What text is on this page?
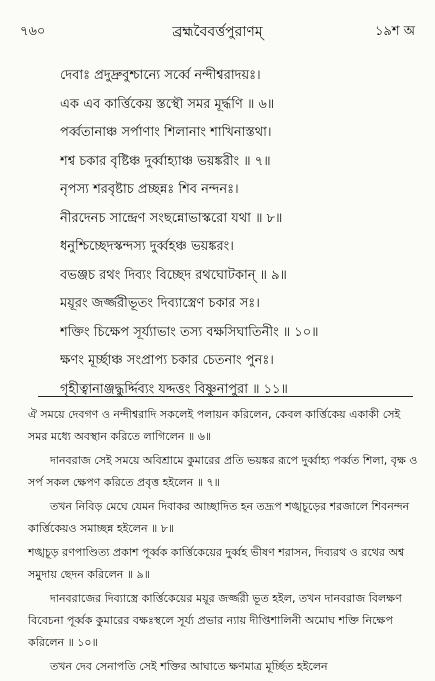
৭৬০	ব্রহ্মবৈবর্ত্তপুরাণম্	১৯শ অ
দেবাঃ প্রদুদ্রুবুশ্চান্যে সর্ব্বে নন্দীশ্বরাদয়ঃ।
এক এব কার্ত্তিকেয় স্তস্থৌ সমর মূর্দ্ধণি ॥ ৬॥
পর্ব্বতানাঞ্চ সর্পাণাং শিলানাং শাখিনাস্তথা।
শশ্ব চকার বৃষ্টিঞ্চ দুর্ব্বাহ্যাঞ্চ ভয়ঙ্করীং ॥ ৭॥
নৃপস্য শরবৃষ্টাচ প্রচ্ছন্নঃ শিব নন্দনঃ।
নীরদেনচ সান্দ্রেণ সংছন্নোভাস্করো যথা ॥ ৮॥
ধনুশ্চিচ্ছেদস্কন্দস্য দুর্ব্বহঞ্চ ভয়ঙ্করং।
বভঞ্জচ রথং দিব্যং বিচ্ছেদ রথঘোটকান্ ॥ ৯॥
ময়ূরং জর্জ্জরীভূতং দিব্যাস্ত্রেণ চকার সঃ।
শক্তিং চিক্ষেপ সূর্য্যাভাং তস্য বক্ষসিঘাতিনীং ॥ ১০॥
ক্ষণং মূর্চ্ছাঞ্চ সংপ্রাপ্য চকার চেতনাং পুনঃ।
গৃহীত্বানাঞ্জদ্ধুর্দ্দিব্যং যদ্দত্তং বিষ্ণুনাপুরা ॥ ১১॥

ঐ সময়ে দেবগণ ও নন্দীশ্বরাদি সকলেই পলায়ন করিলেন, কেবল কার্ত্তিকেয় একাকী সেই সমর মধ্যে অবস্থান করিতে লাগিলেন ॥ ৬॥

দানবরাজ সেই সময়ে অবিশ্রামে কুমারের প্রতি ভয়ঙ্কর রূপে দুর্ব্বাহ্য পর্ব্বত শিলা, বৃক্ষ ও সর্প সকল ক্ষেপণ করিতে প্রবৃত্ত হইলেন ॥ ৭॥

তখন নিবিড় মেঘে যেমন দিবাকর আচ্ছাদিত হন তদ্রূপ শঙ্খচূড়ের শরজালে শিবনন্দন কার্ত্তিকেয়ও সমাচ্ছন্ন হইলেন ॥ ৮॥

শঙ্খচূড় রণপাণ্ডিত্য প্রকাশ পূর্ব্বক কার্ত্তিকেয়ের দুর্ব্বহ ভীষণ শরাসন, দিব্যরথ ও রথের অশ্ব সমুদায় ছেদন করিলেন ॥ ৯॥

দানবরাজের দিব্যাস্ত্রে কার্ত্তিকেয়ের ময়ূর জর্জ্জরী ভূত হইল, তখন দানবরাজ বিলক্ষণ বিবেচনা পূর্ব্বক কুমারের বক্ষঃস্থলে সূর্য্য প্রভার ন্যায় দীপ্তিশালিনী অমোঘ শক্তি নিক্ষেপ করিলেন ॥ ১০॥

তখন দেব সেনাপতি সেই শক্তির আঘাতে ক্ষণমাত্র মূর্চ্ছিত হইলেন
